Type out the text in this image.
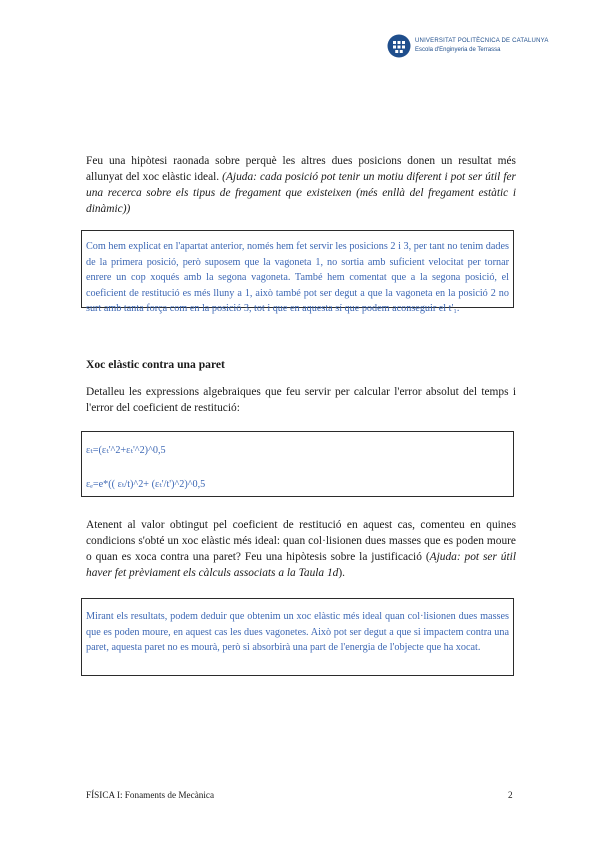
UNIVERSITAT POLITÈCNICA DE CATALUNYA
Escola d'Enginyeria de Terrassa

Feu una hipòtesi raonada sobre perquè les altres dues posicions donen un resultat més allunyat del xoc elàstic ideal. (Ajuda: cada posició pot tenir un motiu diferent i pot ser útil fer una recerca sobre els tipus de fregament que existeixen (més enllà del fregament estàtic i dinàmic))

Com hem explicat en l'apartat anterior, només hem fet servir les posicions 2 i 3, per tant no tenim dades de la primera posició, però suposem que la vagoneta 1, no sortia amb suficient velocitat per tornar enrere un cop xoqués amb la segona vagoneta. També hem comentat que a la segona posició, el coeficient de restitució es més lluny a 1, això també pot ser degut a que la vagoneta en la posició 2 no surt amb tanta força com en la posició 3, tot i que en aquesta sí que podem aconseguir el t'₁.

Xoc elàstic contra una paret

Detalleu les expressions algebraiques que feu servir per calcular l'error absolut del temps i l'error del coeficient de restitució:

εₜ=(εₜ'^2+εₜ'^2)^0,5

εₑ=e*(( εₜ/t)^2+ (εₜ'/t')^2)^0,5

Atenent al valor obtingut pel coeficient de restitució en aquest cas, comenteu en quines condicions s'obté un xoc elàstic més ideal: quan col·lisionen dues masses que es poden moure o quan es xoca contra una paret? Feu una hipòtesis sobre la justificació (Ajuda: pot ser útil haver fet prèviament els càlculs associats a la Taula 1d).

Mirant els resultats, podem deduir que obtenim un xoc elàstic més ideal quan col·lisionen dues masses que es poden moure, en aquest cas les dues vagonetes. Això pot ser degut a que si impactem contra una paret, aquesta paret no es mourà, però si absorbirà una part de l'energia de l'objecte que ha xocat.

FÍSICA I: Fonaments de Mecànica	2
